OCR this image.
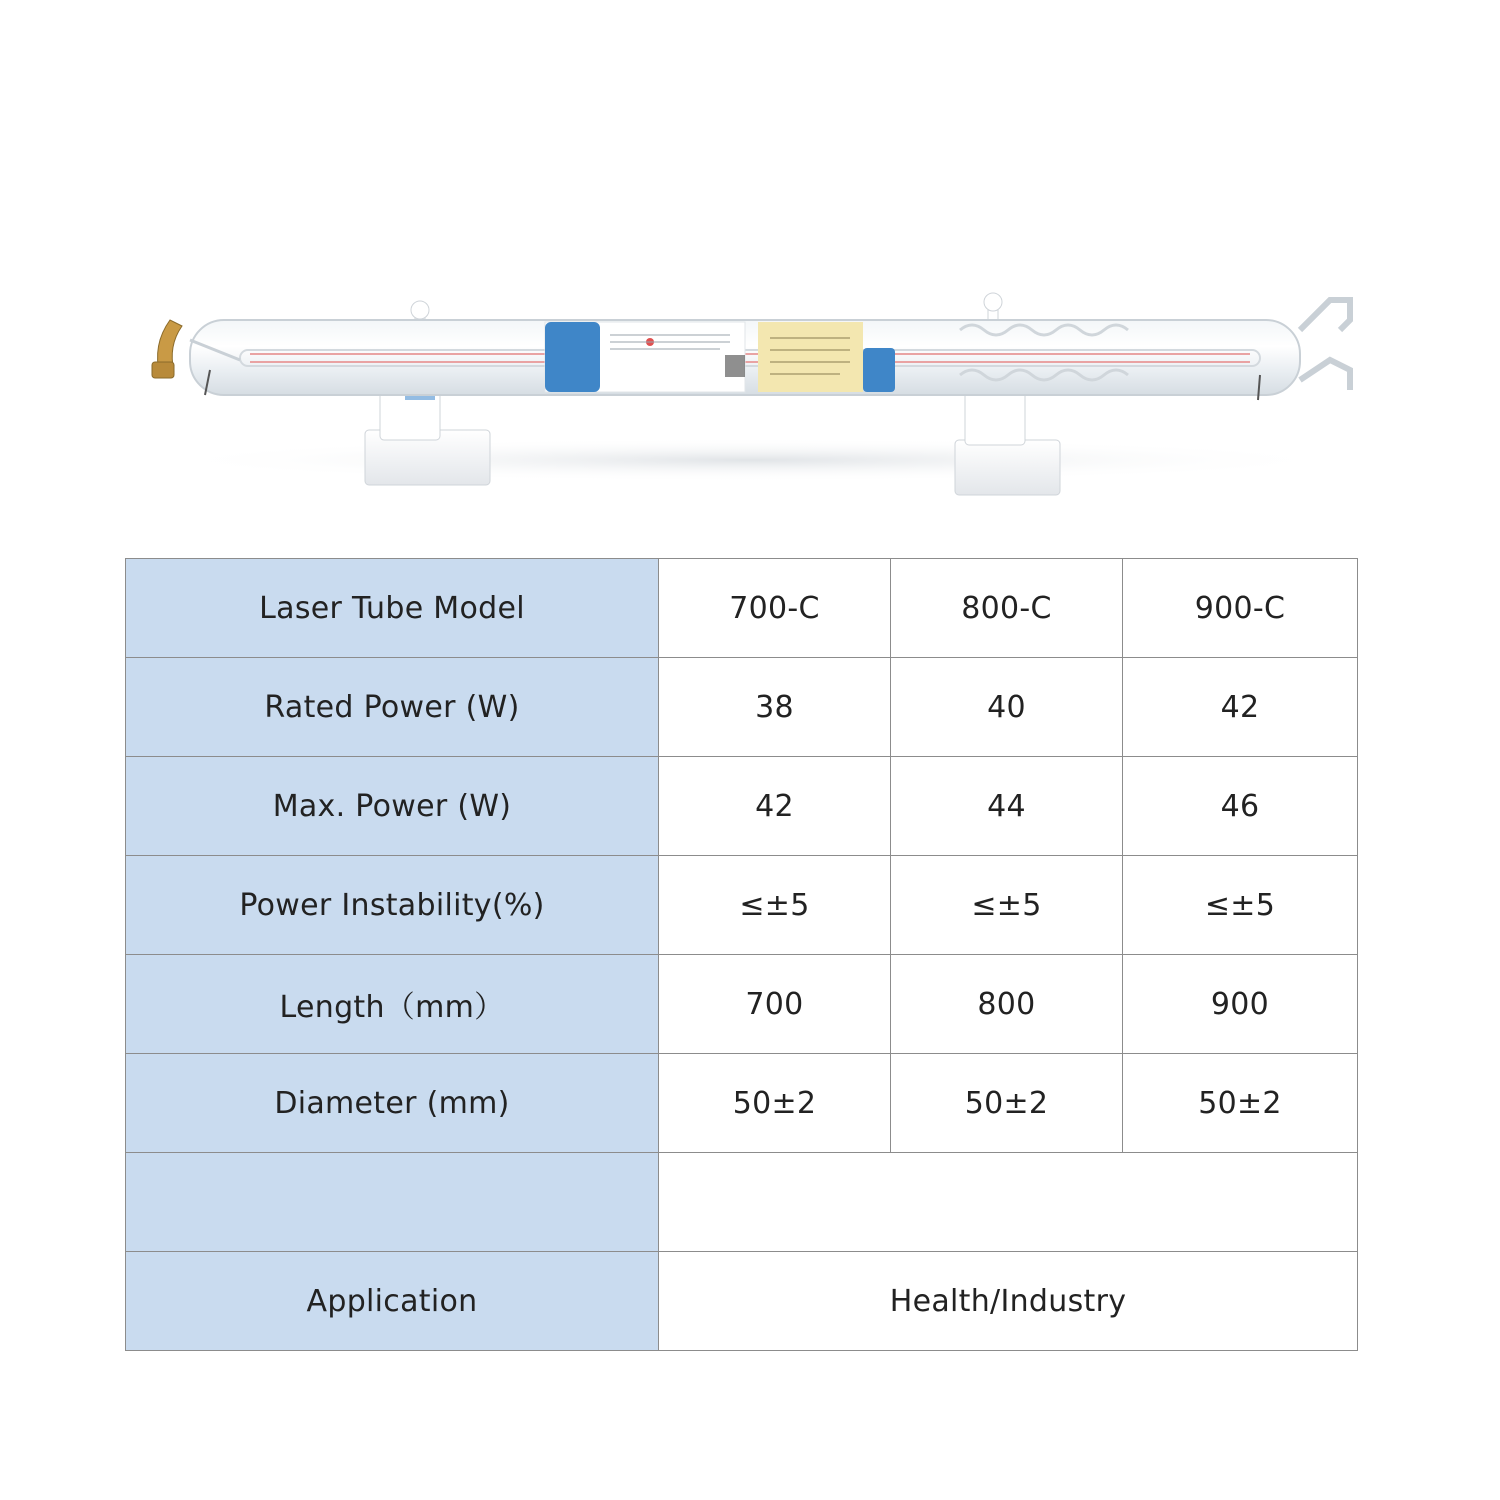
Laser Tube Model	700-C	800-C	900-C
Rated Power (W)	38	40	42
Max. Power (W)	42	44	46
Power Instability(%)	≤±5	≤±5	≤±5
Length（mm）	700	800	900
Diameter (mm)	50±2	50±2	50±2

Application	Health/Industry		
